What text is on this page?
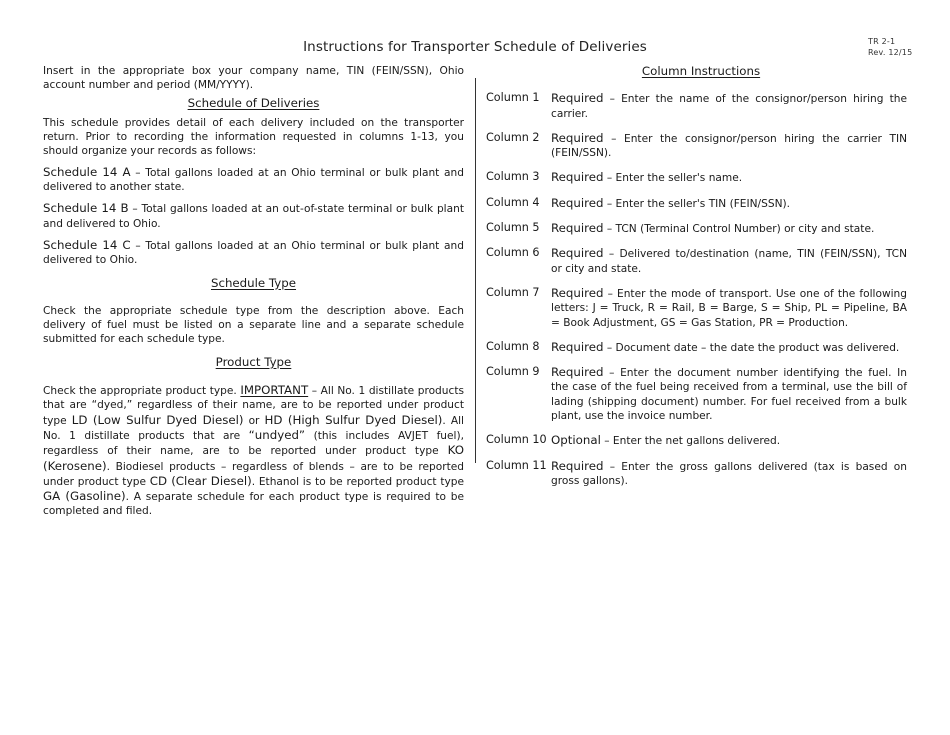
TR 2-1
Rev. 12/15
Instructions for Transporter Schedule of Deliveries

Insert in the appropriate box your company name, TIN (FEIN/SSN), Ohio account number and period (MM/YYYY).

Schedule of Deliveries

This schedule provides detail of each delivery included on the transporter return. Prior to recording the information requested in columns 1-13, you should organize your records as follows:

Schedule 14 A – Total gallons loaded at an Ohio terminal or bulk plant and delivered to another state.

Schedule 14 B – Total gallons loaded at an out-of-state terminal or bulk plant and delivered to Ohio.

Schedule 14 C – Total gallons loaded at an Ohio terminal or bulk plant and delivered to Ohio.

Schedule Type

Check the appropriate schedule type from the description above. Each delivery of fuel must be listed on a separate line and a separate schedule submitted for each schedule type.

Product Type

Check the appropriate product type. IMPORTANT – All No. 1 distillate products that are “dyed,” regardless of their name, are to be reported under product type LD (Low Sulfur Dyed Diesel) or HD (High Sulfur Dyed Diesel). All No. 1 distillate products that are “undyed” (this includes AVJET fuel), regardless of their name, are to be reported under product type KO (Kerosene). Biodiesel products – regardless of blends – are to be reported under product type CD (Clear Diesel). Ethanol is to be reported product type GA (Gasoline). A separate schedule for each product type is required to be completed and filed.

Column Instructions
Column 1 Required – Enter the name of the consignor/person hiring the carrier.
Column 2 Required – Enter the consignor/person hiring the carrier TIN (FEIN/SSN).
Column 3 Required – Enter the seller's name.
Column 4 Required – Enter the seller's TIN (FEIN/SSN).
Column 5 Required – TCN (Terminal Control Number) or city and state.
Column 6 Required – Delivered to/destination (name, TIN (FEIN/SSN), TCN or city and state.
Column 7 Required – Enter the mode of transport. Use one of the following letters: J = Truck, R = Rail, B = Barge, S = Ship, PL = Pipeline, BA = Book Adjustment, GS = Gas Station, PR = Production.
Column 8 Required – Document date – the date the product was delivered.
Column 9 Required – Enter the document number identifying the fuel. In the case of the fuel being received from a terminal, use the bill of lading (shipping document) number. For fuel received from a bulk plant, use the invoice number.
Column 10 Optional – Enter the net gallons delivered.
Column 11 Required – Enter the gross gallons delivered (tax is based on gross gallons).
